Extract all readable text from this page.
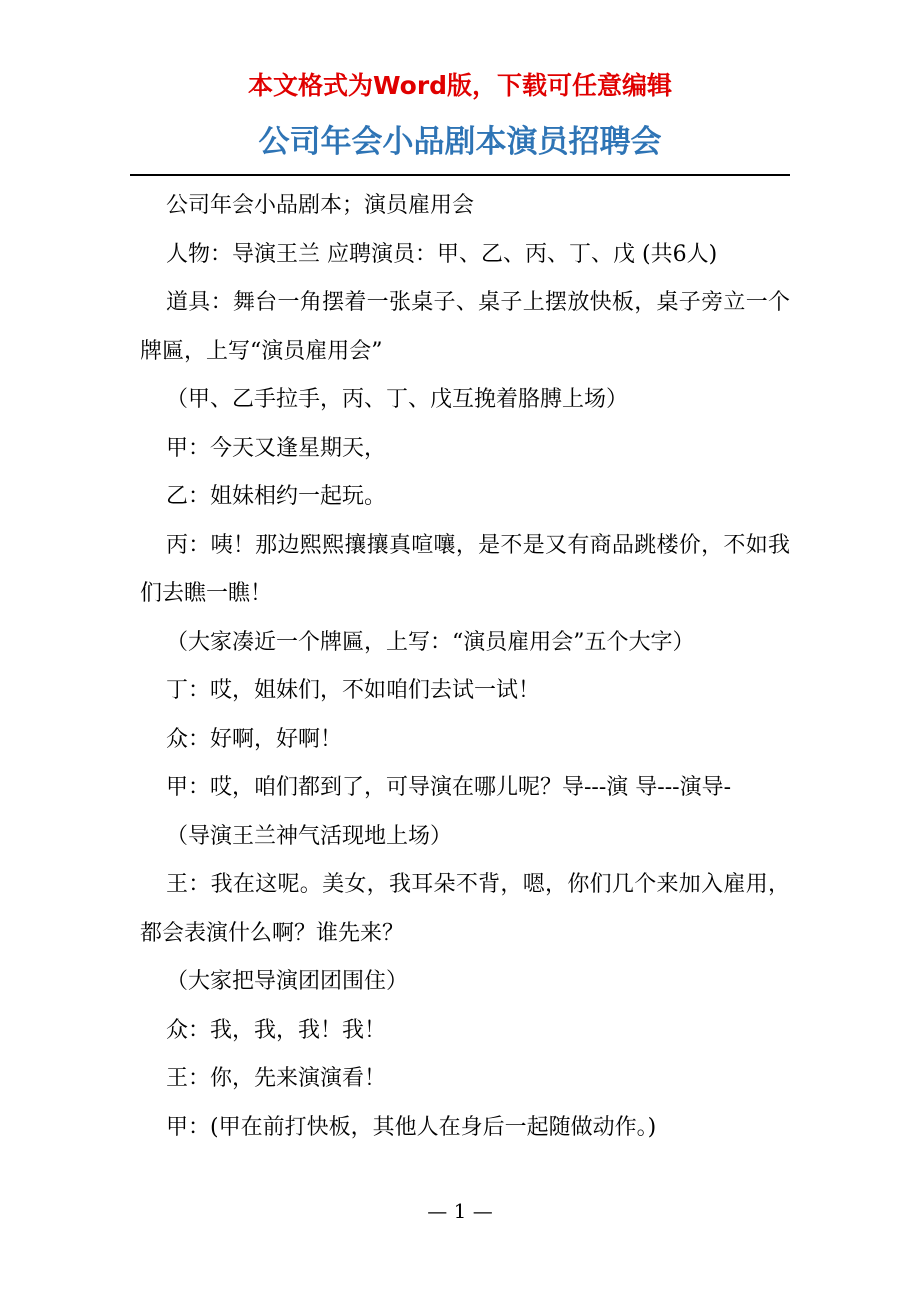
本文格式为Word版，下载可任意编辑
公司年会小品剧本演员招聘会

公司年会小品剧本；演员雇用会

人物：导演王兰 应聘演员：甲、乙、丙、丁、戊 (共6人)

道具：舞台一角摆着一张桌子、桌子上摆放快板，桌子旁立一个牌匾，上写“演员雇用会”

（甲、乙手拉手，丙、丁、戊互挽着胳膊上场）

甲：今天又逢星期天，

乙：姐妹相约一起玩。

丙：咦！那边熙熙攘攘真喧嚷，是不是又有商品跳楼价，不如我们去瞧一瞧！

（大家凑近一个牌匾，上写：“演员雇用会”五个大字）

丁：哎，姐妹们，不如咱们去试一试！

众：好啊，好啊！

甲：哎，咱们都到了，可导演在哪儿呢？导---演 导---演导-

（导演王兰神气活现地上场）

王：我在这呢。美女，我耳朵不背，嗯，你们几个来加入雇用，都会表演什么啊？谁先来？

（大家把导演团团围住）

众：我，我，我！我！

王：你，先来演演看！

甲：(甲在前打快板，其他人在身后一起随做动作。)

— 1 —
